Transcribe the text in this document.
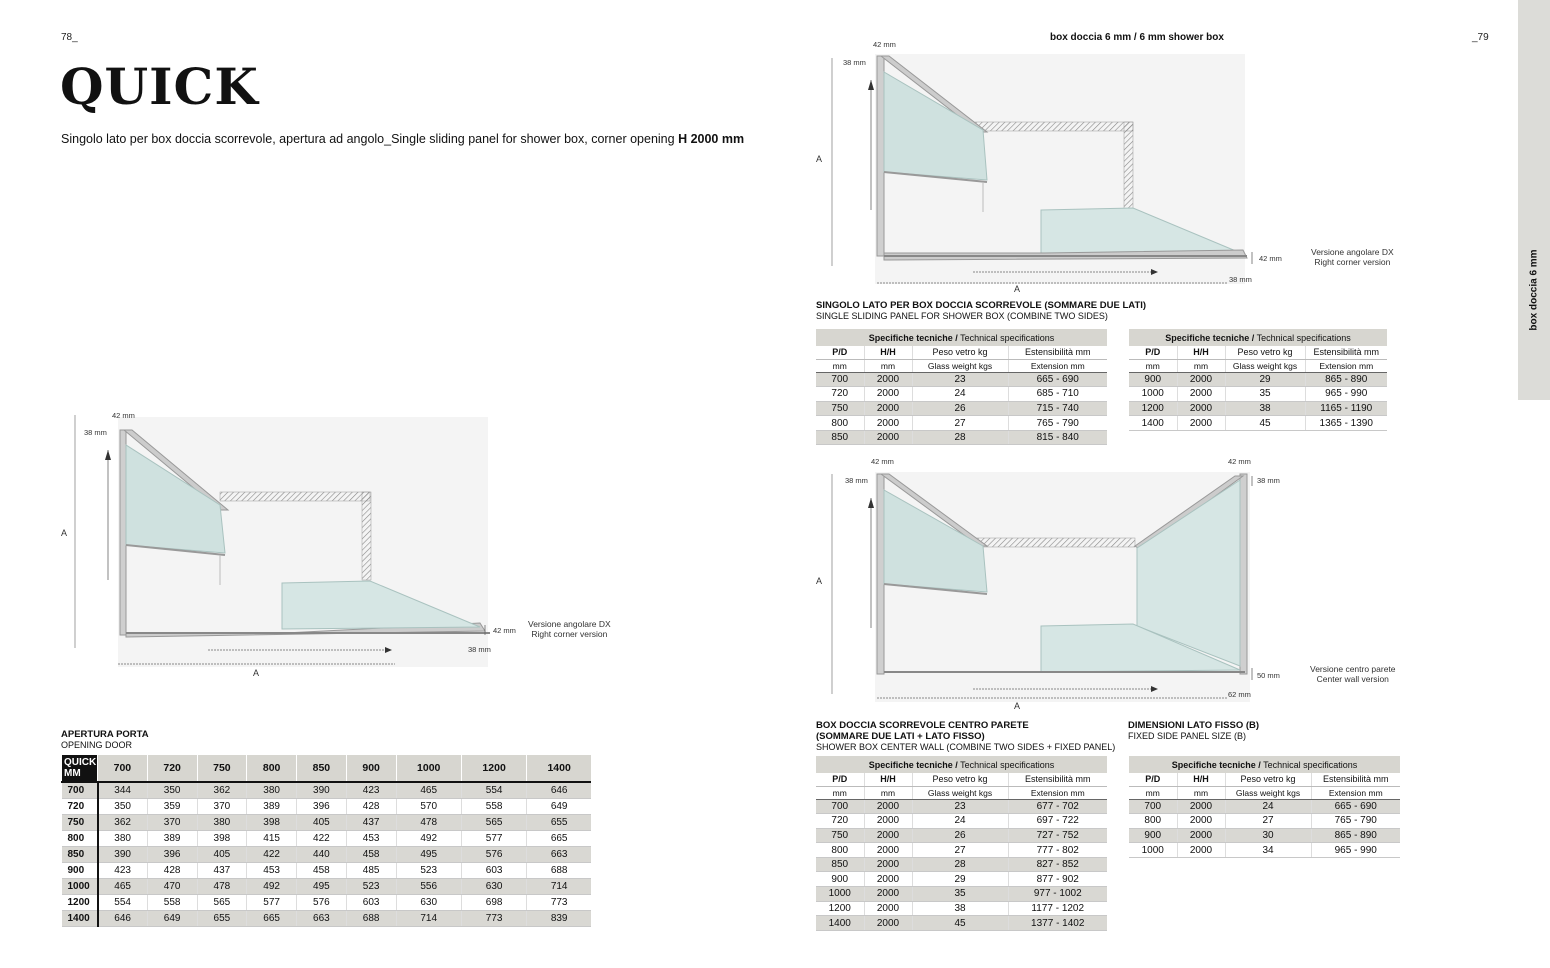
78_	_79
box doccia 6 mm / 6 mm shower box
box doccia 6 mm
QUICK
Singolo lato per box doccia scorrevole, apertura ad angolo_Single sliding panel for shower box, corner opening H 2000 mm
42 mm
38 mm
A
A
42 mm
38 mm
Versione angolare DX
Right corner version
42 mm
38 mm
A
A
42 mm
38 mm
Versione angolare DX
Right corner version
SINGOLO LATO PER BOX DOCCIA SCORREVOLE (SOMMARE DUE LATI)
SINGLE SLIDING PANEL FOR SHOWER BOX (COMBINE TWO SIDES)
Specifiche tecniche / Technical specifications			
P/D	H/H	Peso vetro kg	Estensibilità mm
mm	mm	Glass weight kgs	Extension mm
700	2000	23	665 - 690
720	2000	24	685 - 710
750	2000	26	715 - 740
800	2000	27	765 - 790
850	2000	28	815 - 840
Specifiche tecniche / Technical specifications			
P/D	H/H	Peso vetro kg	Estensibilità mm
mm	mm	Glass weight kgs	Extension mm
900	2000	29	865 - 890
1000	2000	35	965 - 990
1200	2000	38	1165 - 1190
1400	2000	45	1365 - 1390
42 mm
38 mm
42 mm
38 mm
A
A
50 mm
62 mm
Versione centro parete
Center wall version
BOX DOCCIA SCORREVOLE CENTRO PARETE
(SOMMARE DUE LATI + LATO FISSO)
SHOWER BOX CENTER WALL (COMBINE TWO SIDES + FIXED PANEL)
Specifiche tecniche / Technical specifications			
P/D	H/H	Peso vetro kg	Estensibilità mm
mm	mm	Glass weight kgs	Extension mm
700	2000	23	677 - 702
720	2000	24	697 - 722
750	2000	26	727 - 752
800	2000	27	777 - 802
850	2000	28	827 - 852
900	2000	29	877 - 902
1000	2000	35	977 - 1002
1200	2000	38	1177 - 1202
1400	2000	45	1377 - 1402
DIMENSIONI LATO FISSO (B)
FIXED SIDE PANEL SIZE (B)
Specifiche tecniche / Technical specifications			
P/D	H/H	Peso vetro kg	Estensibilità mm
mm	mm	Glass weight kgs	Extension mm
700	2000	24	665 - 690
800	2000	27	765 - 790
900	2000	30	865 - 890
1000	2000	34	965 - 990
APERTURA PORTA
OPENING DOOR
QUICK
MM	700	720	750	800	850	900	1000	1200	1400
700	344	350	362	380	390	423	465	554	646
720	350	359	370	389	396	428	570	558	649
750	362	370	380	398	405	437	478	565	655
800	380	389	398	415	422	453	492	577	665
850	390	396	405	422	440	458	495	576	663
900	423	428	437	453	458	485	523	603	688
1000	465	470	478	492	495	523	556	630	714
1200	554	558	565	577	576	603	630	698	773
1400	646	649	655	665	663	688	714	773	839
